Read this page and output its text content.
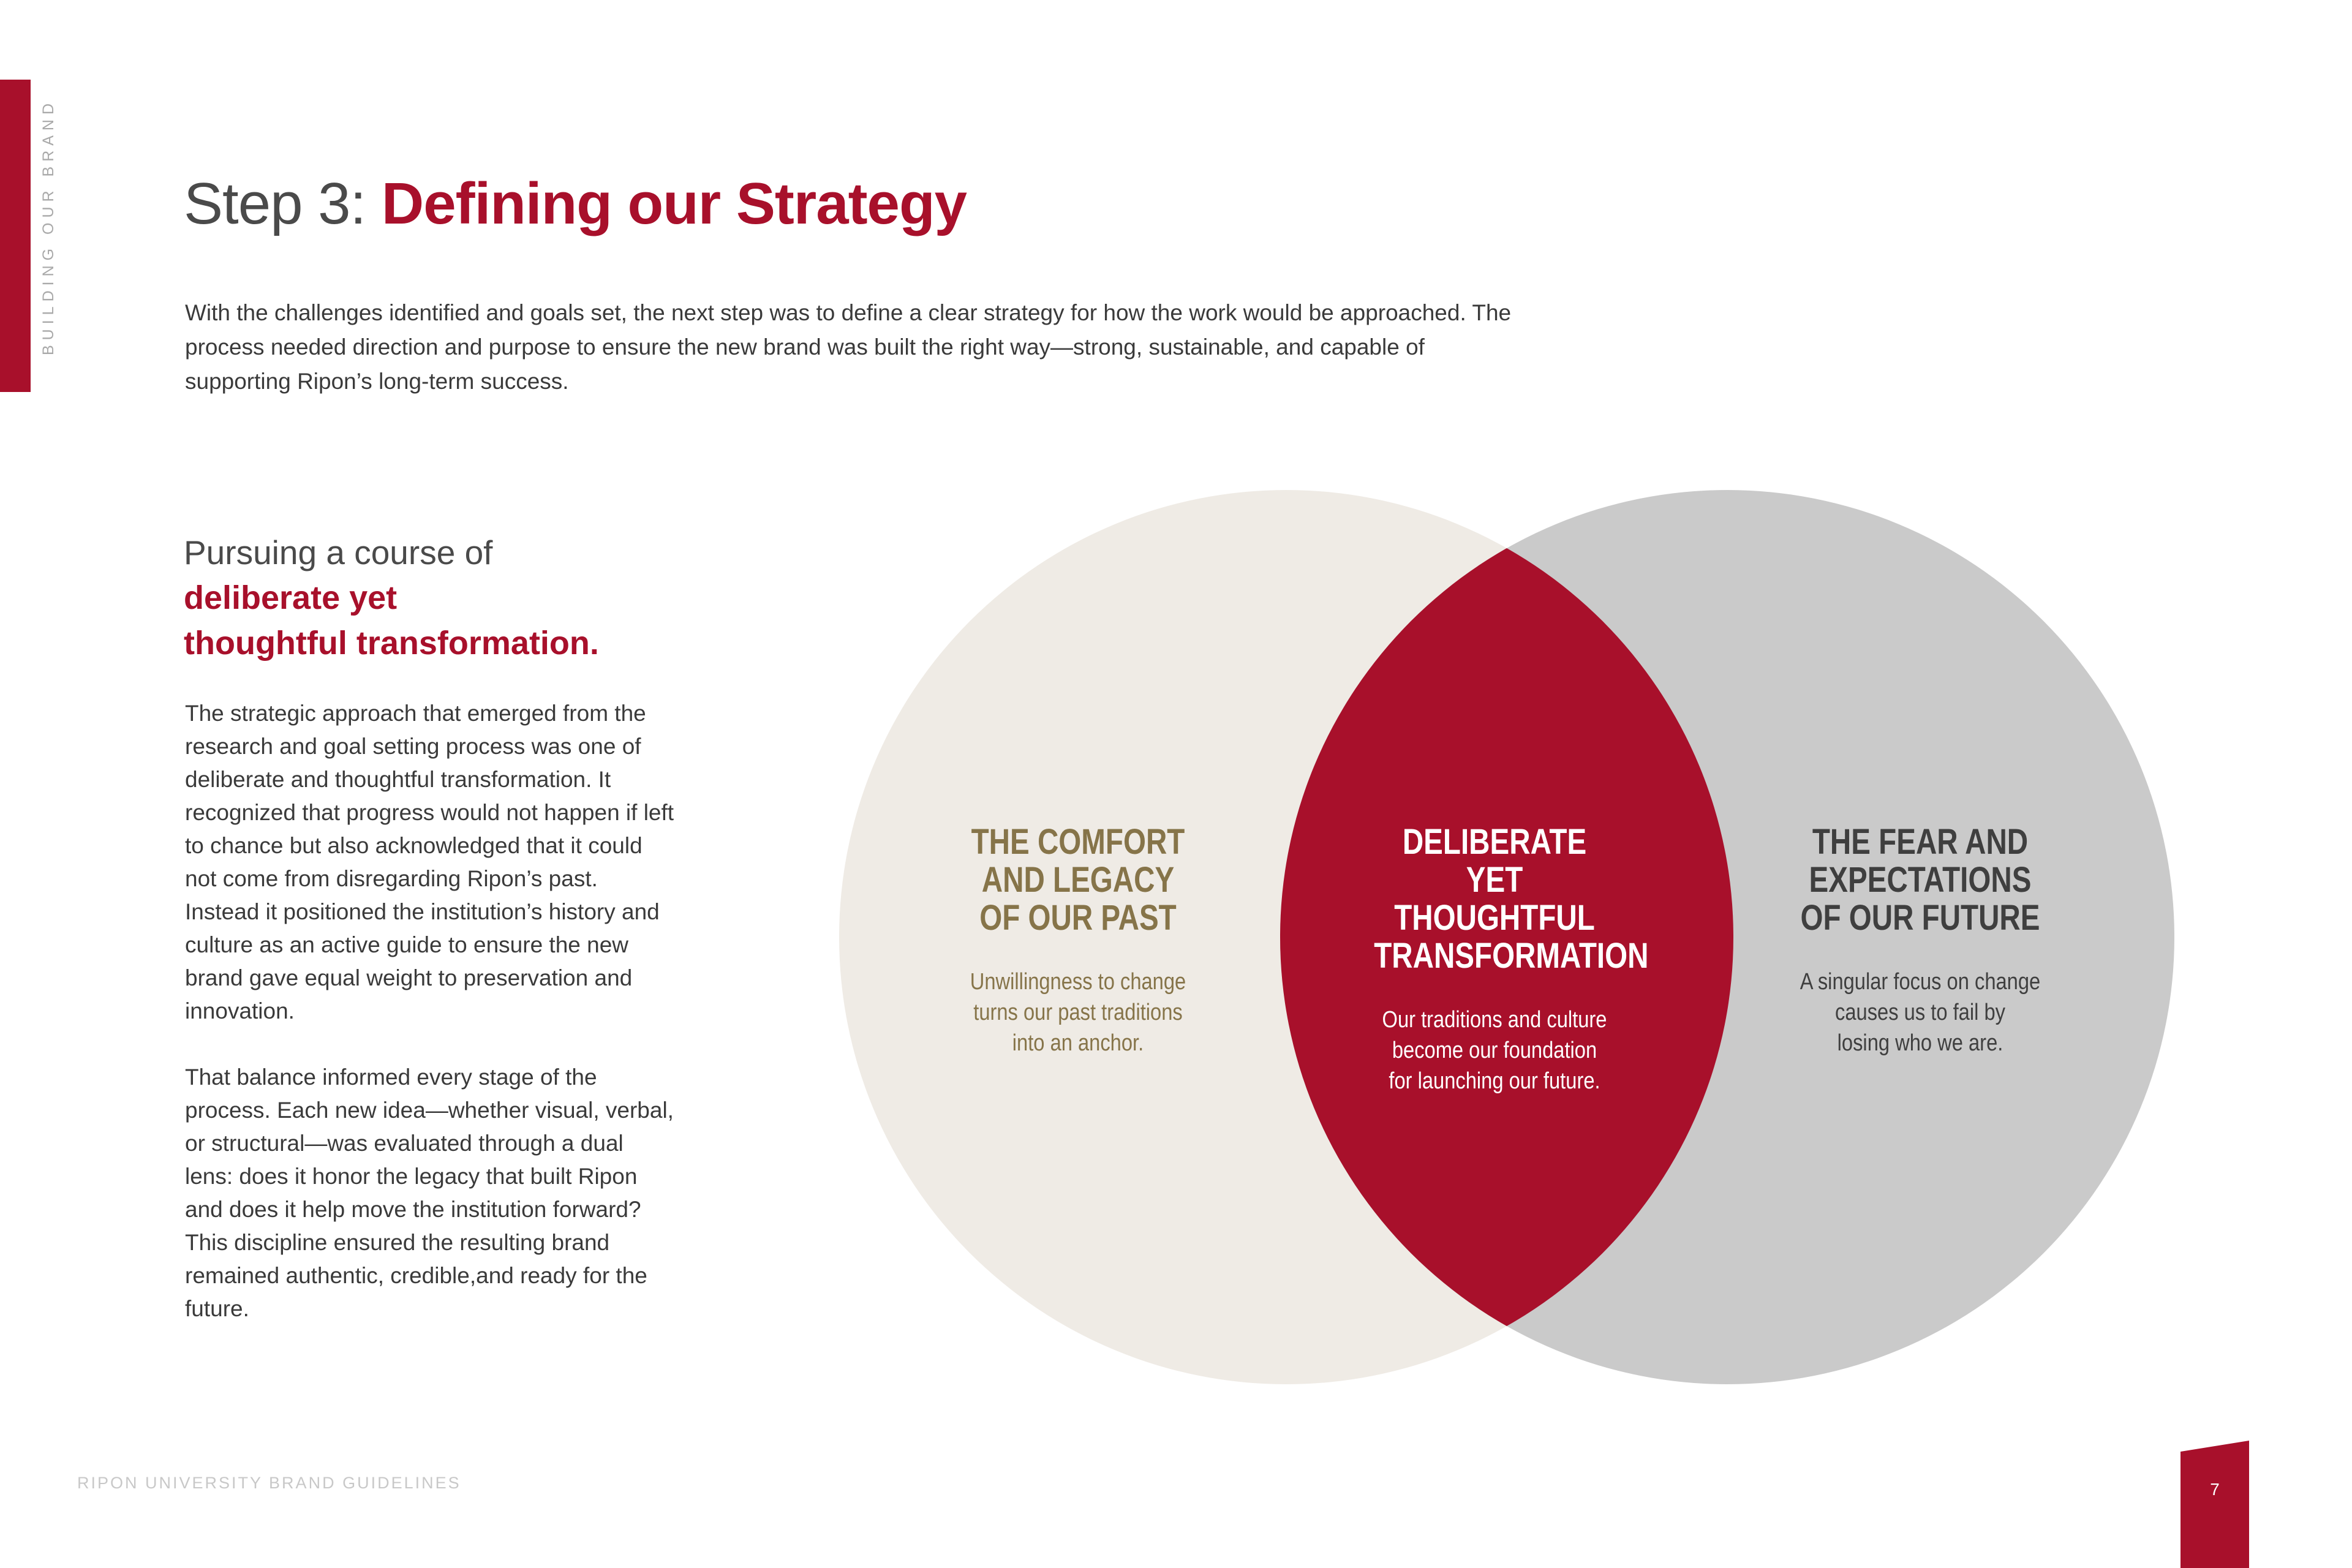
BUILDING OUR BRAND Step 3: Defining our Strategy

With the challenges identified and goals set, the next step was to define a clear strategy for how the work would be approached. The process needed direction and purpose to ensure the new brand was built the right way—strong, sustainable, and capable of supporting Ripon’s long-term success.

Pursuing a course of
deliberate yet
thoughtful transformation.

The strategic approach that emerged from the research and goal setting process was one of deliberate and thoughtful transformation. It recognized that progress would not happen if left to chance but also acknowledged that it could not come from disregarding Ripon’s past. Instead it positioned the institution’s history and culture as an active guide to ensure the new brand gave equal weight to preservation and innovation.

That balance informed every stage of the process. Each new idea—whether visual, verbal, or structural—was evaluated through a dual lens: does it honor the legacy that built Ripon and does it help move the institution forward? This discipline ensured the resulting brand remained authentic, credible,and ready for the future.

THE COMFORT
AND LEGACY
OF OUR PAST
Unwillingness to change
turns our past traditions
into an anchor.
DELIBERATE
YET THOUGHTFUL
TRANSFORMATION
Our traditions and culture
become our foundation
for launching our future.
THE FEAR AND
EXPECTATIONS
OF OUR FUTURE
A singular focus on change
causes us to fail by
losing who we are.
RIPON UNIVERSITY BRAND GUIDELINES	7
